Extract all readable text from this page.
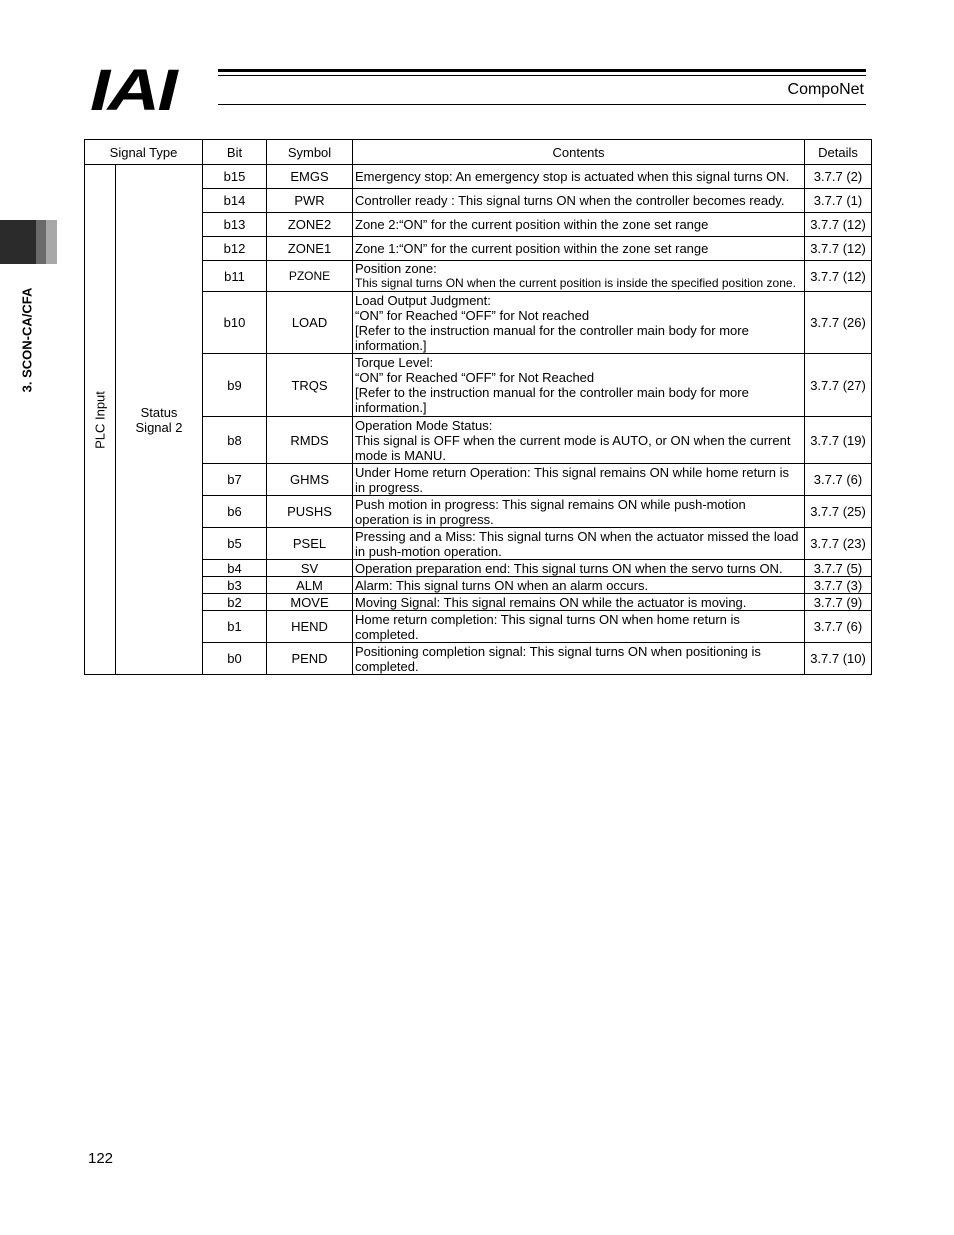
IAI	CompoNet
3. SCON-CA/CFA
Signal Type		Bit	Symbol	Contents	Details

PLC Input	Status
Signal 2	b15	EMGS	Emergency stop: An emergency stop is actuated when this signal turns ON.	3.7.7 (2)
		b14	PWR	Controller ready : This signal turns ON when the controller becomes ready.	3.7.7 (1)
		b13	ZONE2	Zone 2:“ON” for the current position within the zone set range	3.7.7 (12)
		b12	ZONE1	Zone 1:“ON” for the current position within the zone set range	3.7.7 (12)
		b11	PZONE	Position zone:
This signal turns ON when the current position is inside the specified position zone.	3.7.7 (12)
		b10	LOAD	Load Output Judgment:
“ON” for Reached “OFF” for Not reached
[Refer to the instruction manual for the controller main body for more information.]	3.7.7 (26)
		b9	TRQS	Torque Level:
“ON” for Reached “OFF” for Not Reached
[Refer to the instruction manual for the controller main body for more information.]	3.7.7 (27)
		b8	RMDS	Operation Mode Status:
This signal is OFF when the current mode is AUTO, or ON when the current mode is MANU.	3.7.7 (19)
		b7	GHMS	Under Home return Operation: This signal remains ON while home return is in progress.	3.7.7 (6)
		b6	PUSHS	Push motion in progress: This signal remains ON while push-motion operation is in progress.	3.7.7 (25)
		b5	PSEL	Pressing and a Miss: This signal turns ON when the actuator missed the load in push-motion operation.	3.7.7 (23)
		b4	SV	Operation preparation end: This signal turns ON when the servo turns ON.	3.7.7 (5)
		b3	ALM	Alarm: This signal turns ON when an alarm occurs.	3.7.7 (3)
		b2	MOVE	Moving Signal: This signal remains ON while the actuator is moving.	3.7.7 (9)
		b1	HEND	Home return completion: This signal turns ON when home return is completed.	3.7.7 (6)
		b0	PEND	Positioning completion signal: This signal turns ON when positioning is completed.	3.7.7 (10)
122
